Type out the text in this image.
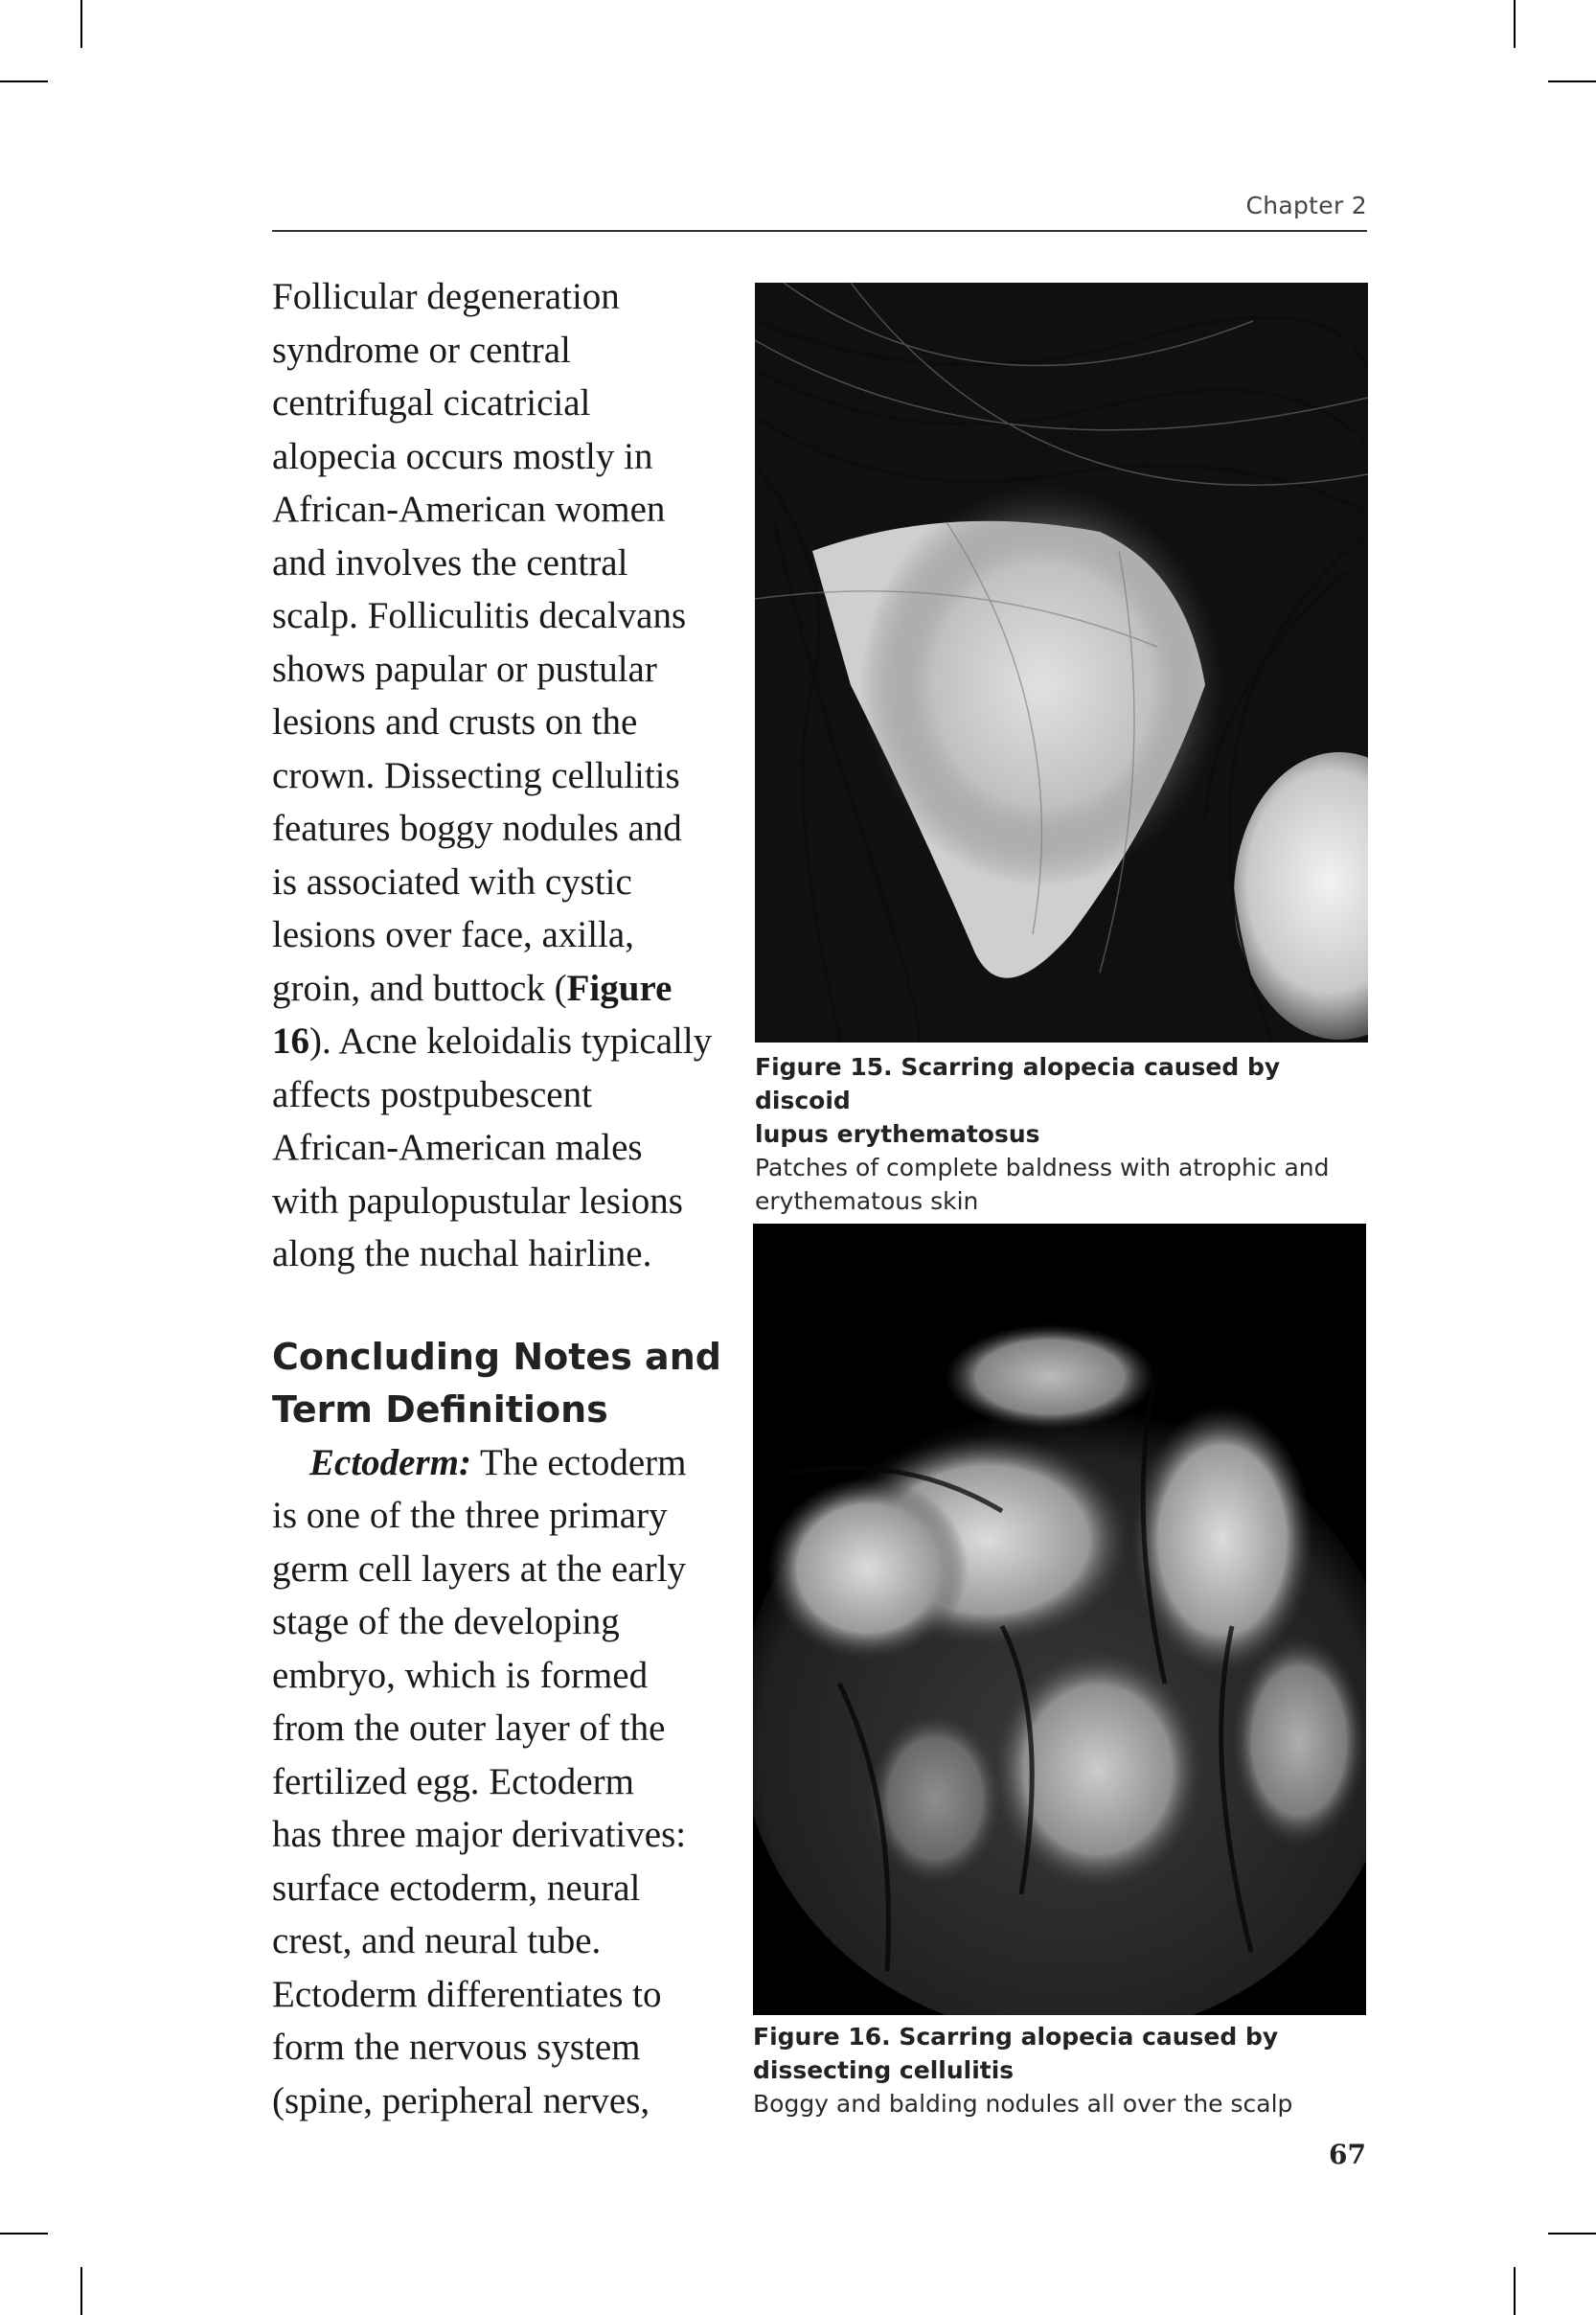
Chapter 2

Follicular degeneration
syndrome or central
centrifugal cicatricial
alopecia occurs mostly in
African-American women
and involves the central
scalp. Folliculitis decalvans
shows papular or pustular
lesions and crusts on the
crown. Dissecting cellulitis
features boggy nodules and
is associated with cystic
lesions over face, axilla,
groin, and buttock (Figure
16). Acne keloidalis typically
affects postpubescent
African-American males
with papulopustular lesions
along the nuchal hairline.

Concluding Notes and
Term Definitions

 Ectoderm: The ectoderm
is one of the three primary
germ cell layers at the early
stage of the developing
embryo, which is formed
from the outer layer of the
fertilized egg. Ectoderm
has three major derivatives:
surface ectoderm, neural
crest, and neural tube.
Ectoderm differentiates to
form the nervous system
(spine, peripheral nerves,

Figure 15. Scarring alopecia caused by discoid
lupus erythematosus
Patches of complete baldness with atrophic and
erythematous skin
Figure 16. Scarring alopecia caused by
dissecting cellulitis
Boggy and balding nodules all over the scalp
67
